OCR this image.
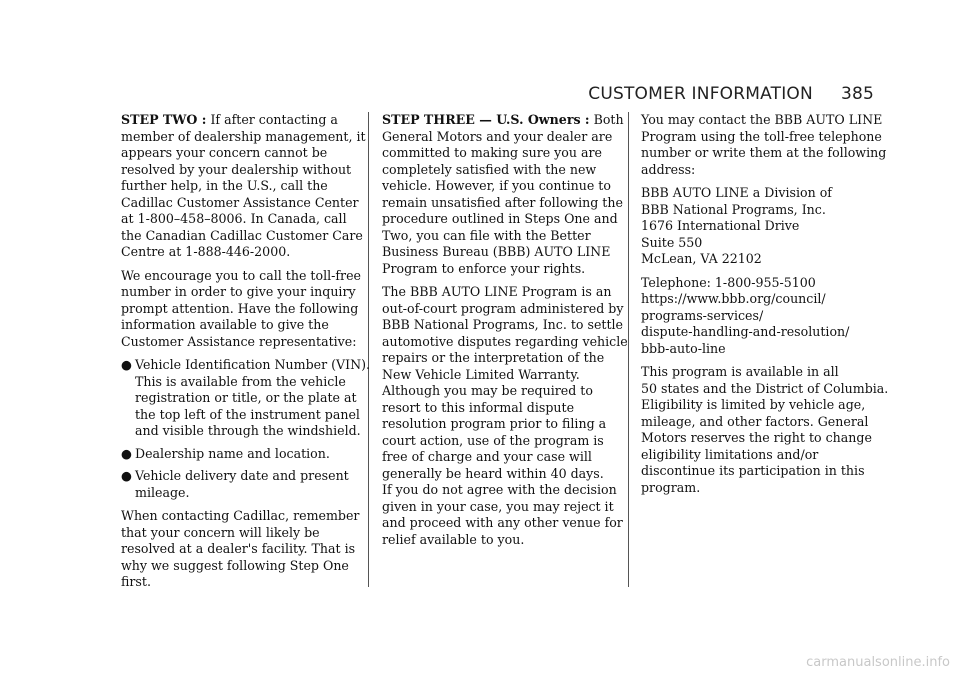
CUSTOMER INFORMATION 385

STEP TWO : If after contacting a
member of dealership management, it
appears your concern cannot be
resolved by your dealership without
further help, in the U.S., call the
Cadillac Customer Assistance Center
at 1-800–458–8006. In Canada, call
the Canadian Cadillac Customer Care
Centre at 1-888-446-2000.

We encourage you to call the toll-free
number in order to give your inquiry
prompt attention. Have the following
information available to give the
Customer Assistance representative:

● Vehicle Identification Number (VIN).
This is available from the vehicle
registration or title, or the plate at
the top left of the instrument panel
and visible through the windshield.
● Dealership name and location.
● Vehicle delivery date and present
mileage.

When contacting Cadillac, remember
that your concern will likely be
resolved at a dealer's facility. That is
why we suggest following Step One
first.

STEP THREE — U.S. Owners : Both
General Motors and your dealer are
committed to making sure you are
completely satisfied with the new
vehicle. However, if you continue to
remain unsatisfied after following the
procedure outlined in Steps One and
Two, you can file with the Better
Business Bureau (BBB) AUTO LINE
Program to enforce your rights.

The BBB AUTO LINE Program is an
out-of-court program administered by
BBB National Programs, Inc. to settle
automotive disputes regarding vehicle
repairs or the interpretation of the
New Vehicle Limited Warranty.
Although you may be required to
resort to this informal dispute
resolution program prior to filing a
court action, use of the program is
free of charge and your case will
generally be heard within 40 days.
If you do not agree with the decision
given in your case, you may reject it
and proceed with any other venue for
relief available to you.

You may contact the BBB AUTO LINE
Program using the toll-free telephone
number or write them at the following
address:

BBB AUTO LINE a Division of
BBB National Programs, Inc.
1676 International Drive
Suite 550
McLean, VA 22102

Telephone: 1-800-955-5100
https://www.bbb.org/council/
programs-services/
dispute-handling-and-resolution/
bbb-auto-line

This program is available in all
50 states and the District of Columbia.
Eligibility is limited by vehicle age,
mileage, and other factors. General
Motors reserves the right to change
eligibility limitations and/or
discontinue its participation in this
program.

carmanualsonline.info
